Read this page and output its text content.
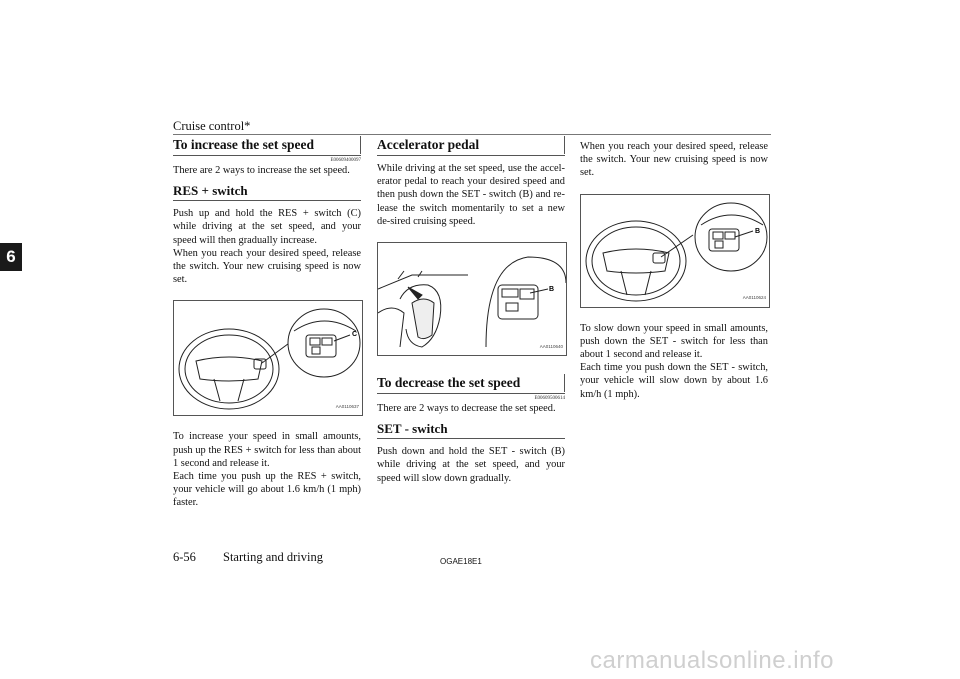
Cruise control*
6
To increase the set speed
E00609400097

There are 2 ways to increase the set speed.

RES + switch

Push up and hold the RES + switch (C) while driving at the set speed, and your speed will then gradually increase.

When you reach your desired speed, release the switch. Your new cruising speed is now set.

C
AA0110637

To increase your speed in small amounts, push up the RES + switch for less than about 1 second and release it.

Each time you push up the RES + switch, your vehicle will go about 1.6 km/h (1 mph) faster.

Accelerator pedal

While driving at the set speed, use the accel-erator pedal to reach your desired speed and then push down the SET - switch (B) and re-lease the switch momentarily to set a new de-sired cruising speed.

B
AA0110640
To decrease the set speed
E00609500614

There are 2 ways to decrease the set speed.

SET - switch

Push down and hold the SET - switch (B) while driving at the set speed, and your speed will slow down gradually.

When you reach your desired speed, release the switch. Your new cruising speed is now set.

B
AA0110624

To slow down your speed in small amounts, push down the SET - switch for less than about 1 second and release it.

Each time you push down the SET - switch, your vehicle will slow down by about 1.6 km/h (1 mph).

6-56 Starting and driving	OGAE18E1
carmanualsonline.info
